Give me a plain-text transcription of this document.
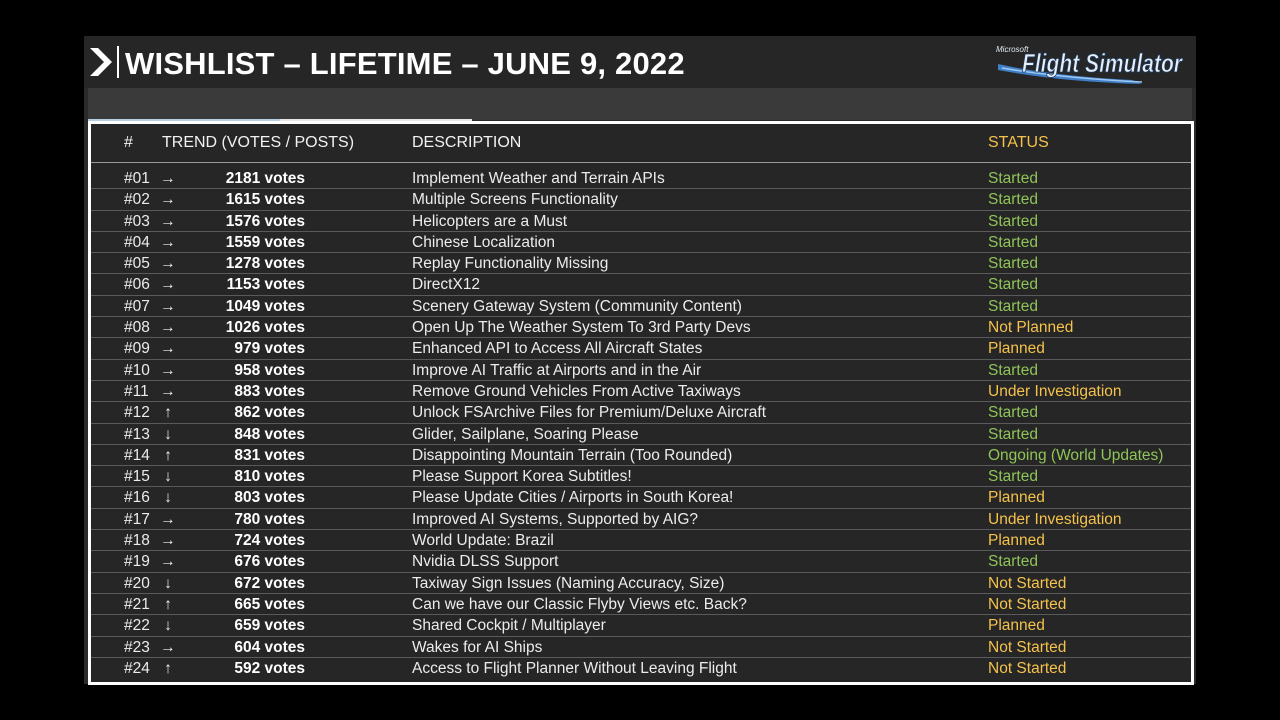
WISHLIST – LIFETIME – JUNE 9, 2022	Microsoft
Flight Simulator
# TREND (VOTES / POSTS)	DESCRIPTION	STATUS
#01 →	2181 votes	Implement Weather and Terrain APIs	Started
#02 →	1615 votes	Multiple Screens Functionality	Started
#03 →	1576 votes	Helicopters are a Must	Started
#04 →	1559 votes	Chinese Localization	Started
#05 →	1278 votes	Replay Functionality Missing	Started
#06 →	1153 votes	DirectX12	Started
#07 →	1049 votes	Scenery Gateway System (Community Content)	Started
#08 →	1026 votes	Open Up The Weather System To 3rd Party Devs	Not Planned
#09 →	979 votes	Enhanced API to Access All Aircraft States	Planned
#10 →	958 votes	Improve AI Traffic at Airports and in the Air	Started
#11 →	883 votes	Remove Ground Vehicles From Active Taxiways	Under Investigation
#12 ↑	862 votes	Unlock FSArchive Files for Premium/Deluxe Aircraft	Started
#13 ↓	848 votes	Glider, Sailplane, Soaring Please	Started
#14 ↑	831 votes	Disappointing Mountain Terrain (Too Rounded)	Ongoing (World Updates)
#15 ↓	810 votes	Please Support Korea Subtitles!	Started
#16 ↓	803 votes	Please Update Cities / Airports in South Korea!	Planned
#17 →	780 votes	Improved AI Systems, Supported by AIG?	Under Investigation
#18 →	724 votes	World Update: Brazil	Planned
#19 →	676 votes	Nvidia DLSS Support	Started
#20 ↓	672 votes	Taxiway Sign Issues (Naming Accuracy, Size)	Not Started
#21 ↑	665 votes	Can we have our Classic Flyby Views etc. Back?	Not Started
#22 ↓	659 votes	Shared Cockpit / Multiplayer	Planned
#23 →	604 votes	Wakes for AI Ships	Not Started
#24 ↑	592 votes	Access to Flight Planner Without Leaving Flight	Not Started
